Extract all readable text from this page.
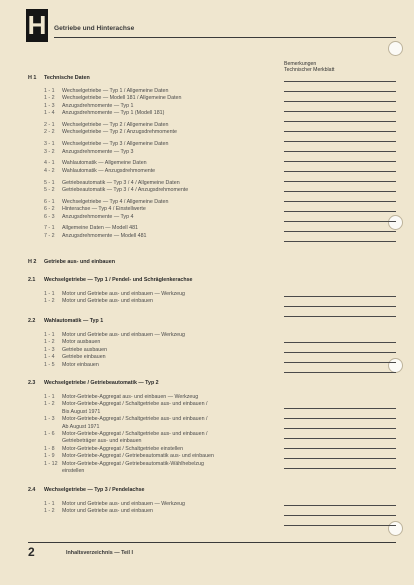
H Getriebe und Hinterachse
Bemerkungen
Technischer Merkblatt
H 1 Technische Daten
1 - 1 Wechselgetriebe — Typ 1 / Allgemeine Daten
1 - 2 Wechselgetriebe — Modell 181 / Allgemeine Daten
1 - 3 Anzugsdrehmomente — Typ 1
1 - 4 Anzugsdrehmomente — Typ 1 (Modell 181)
2 - 1 Wechselgetriebe — Typ 2 / Allgemeine Daten
2 - 2 Wechselgetriebe — Typ 2 / Anzugsdrehmomente
3 - 1 Wechselgetriebe — Typ 3 / Allgemeine Daten
3 - 2 Anzugsdrehmomente — Typ 3
4 - 1 Wahlautomatik — Allgemeine Daten
4 - 2 Wahlautomatik — Anzugsdrehmomente
5 - 1 Getriebeautomatik — Typ 3 / 4 / Allgemeine Daten
5 - 2 Getriebeautomatik — Typ 3 / 4 / Anzugsdrehmomente
6 - 1 Wechselgetriebe — Typ 4 / Allgemeine Daten
6 - 2 Hinterachse — Typ 4 / Einstellwerte
6 - 3 Anzugsdrehmomente — Typ 4
7 - 1 Allgemeine Daten — Modell 481
7 - 2 Anzugsdrehmomente — Modell 481
H 2 Getriebe aus- und einbauen
2.1 Wechselgetriebe — Typ 1 / Pendel- und Schräglenkerachse
1 - 1 Motor und Getriebe aus- und einbauen — Werkzeug
1 - 2 Motor und Getriebe aus- und einbauen
2.2 Wahlautomatik — Typ 1
1 - 1 Motor und Getriebe aus- und einbauen — Werkzeug
1 - 2 Motor ausbauen
1 - 3 Getriebe ausbauen
1 - 4 Getriebe einbauen
1 - 5 Motor einbauen
2.3 Wechselgetriebe / Getriebeautomatik — Typ 2
1 - 1 Motor-Getriebe-Aggregat aus- und einbauen — Werkzeug
1 - 2 Motor-Getriebe-Aggregat / Schaltgetriebe aus- und einbauen /
Bis August 1971
1 - 3 Motor-Getriebe-Aggregat / Schaltgetriebe aus- und einbauen /
Ab August 1971
1 - 6 Motor-Getriebe-Aggregat / Schaltgetriebe aus- und einbauen /
Getriebeträger aus- und einbauen
1 - 8 Motor-Getriebe-Aggregat / Schaltgetriebe einstellen
1 - 9 Motor-Getriebe-Aggregat / Getriebeautomatik aus- und einbauen
1 - 12 Motor-Getriebe-Aggregat / Getriebeautomatik-Wählhebelzug
einstellen
2.4 Wechselgetriebe — Typ 3 / Pendelachse
1 - 1 Motor und Getriebe aus- und einbauen — Werkzeug
1 - 2 Motor und Getriebe aus- und einbauen
2	Inhaltsverzeichnis — Teil I
